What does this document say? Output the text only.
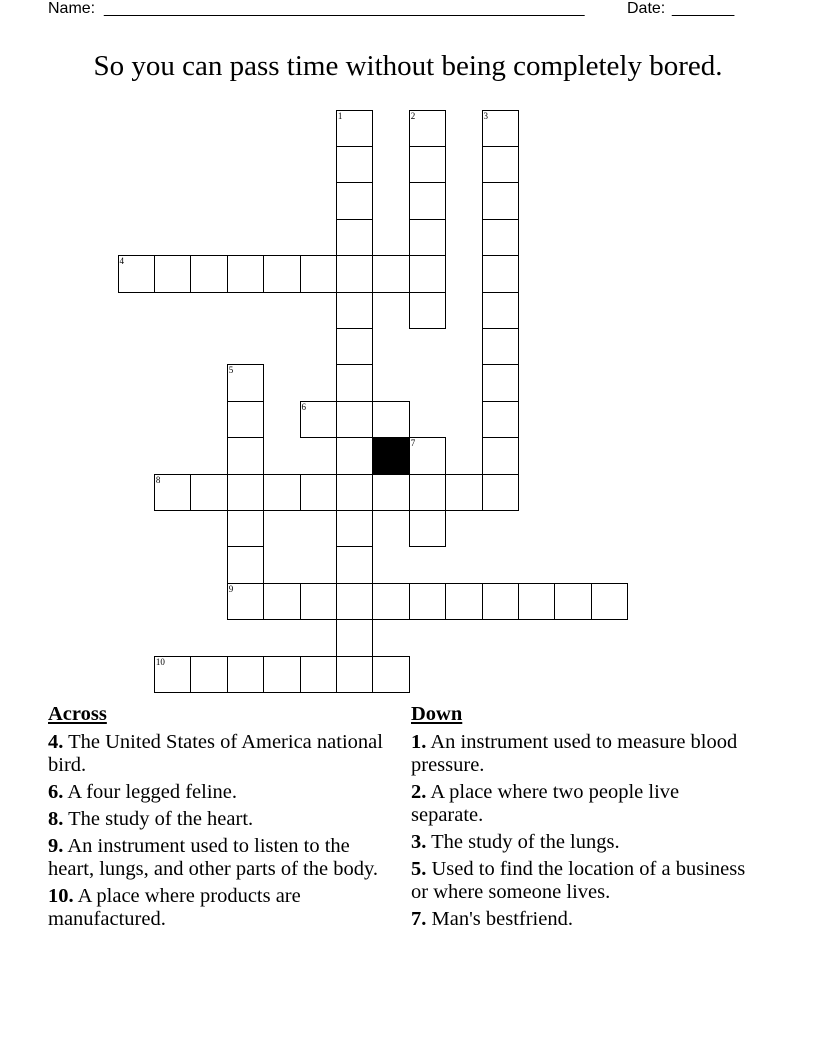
Name: ______________________________________________________	Date: _______
So you can pass time without being completely bored.
1	2	3
4
5
6
7
8
9
10
Across
4. The United States of America national bird.
6. A four legged feline.
8. The study of the heart.
9. An instrument used to listen to the heart, lungs, and other parts of the body.
10. A place where products are manufactured.
Down
1. An instrument used to measure blood pressure.
2. A place where two people live separate.
3. The study of the lungs.
5. Used to find the location of a business or where someone lives.
7. Man's bestfriend.
